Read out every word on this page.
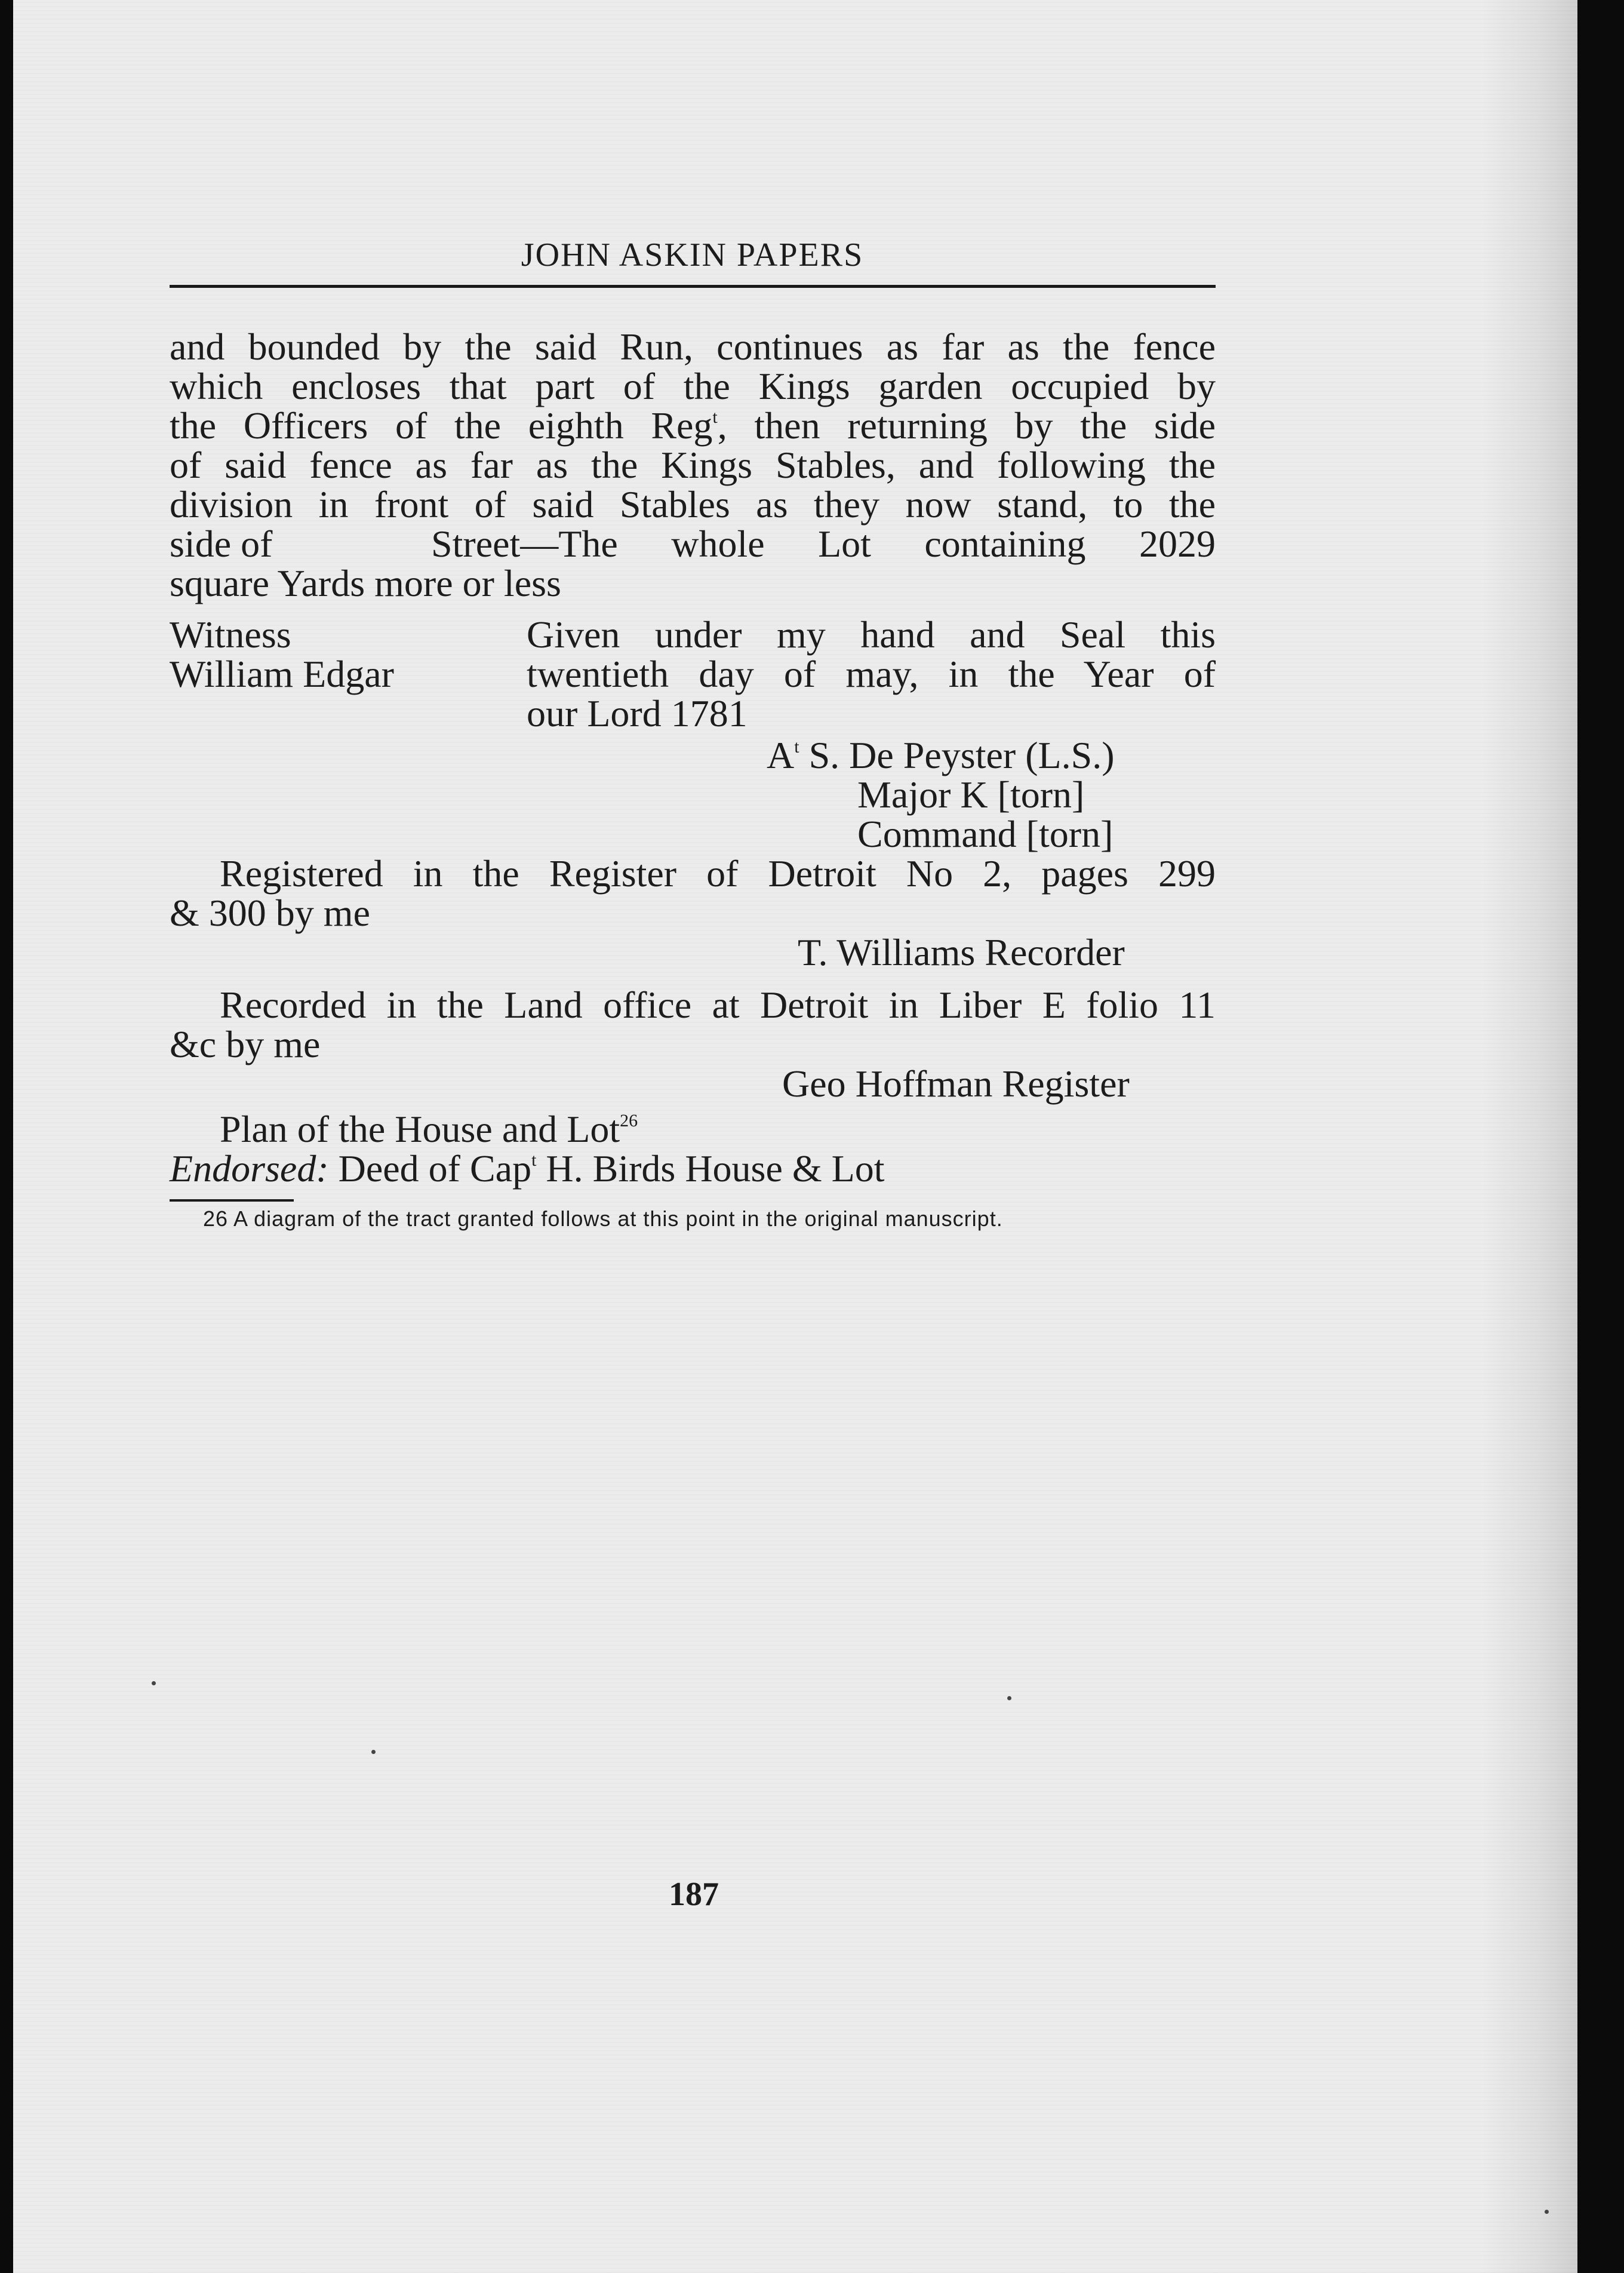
JOHN ASKIN PAPERS
and bounded by the said Run, continues as far as the fence
which encloses that part of the Kings garden occupied by
the Officers of the eighth Reg$^t$, then returning by the side
of said fence as far as the Kings Stables, and following the
division in front of said Stables as they now stand, to the
side of	Street—The whole Lot containing 2029
square Yards more or less
Witness
William Edgar
Given under my hand and Seal this
twentieth day of may, in the Year of
our Lord 1781
$A^t$ S. De Peyster (L.S.)
Major K [torn]
Command [torn]
Registered in the Register of Detroit No 2, pages 299
& 300 by me
T. Williams Recorder
Recorded in the Land office at Detroit in Liber E folio 11
&c by me
Geo Hoffman Register
Plan of the House and Lot$^{26}$
Endorsed: Deed of Cap$^t$ H. Birds House & Lot
26 A diagram of the tract granted follows at this point in the original manuscript.
187
